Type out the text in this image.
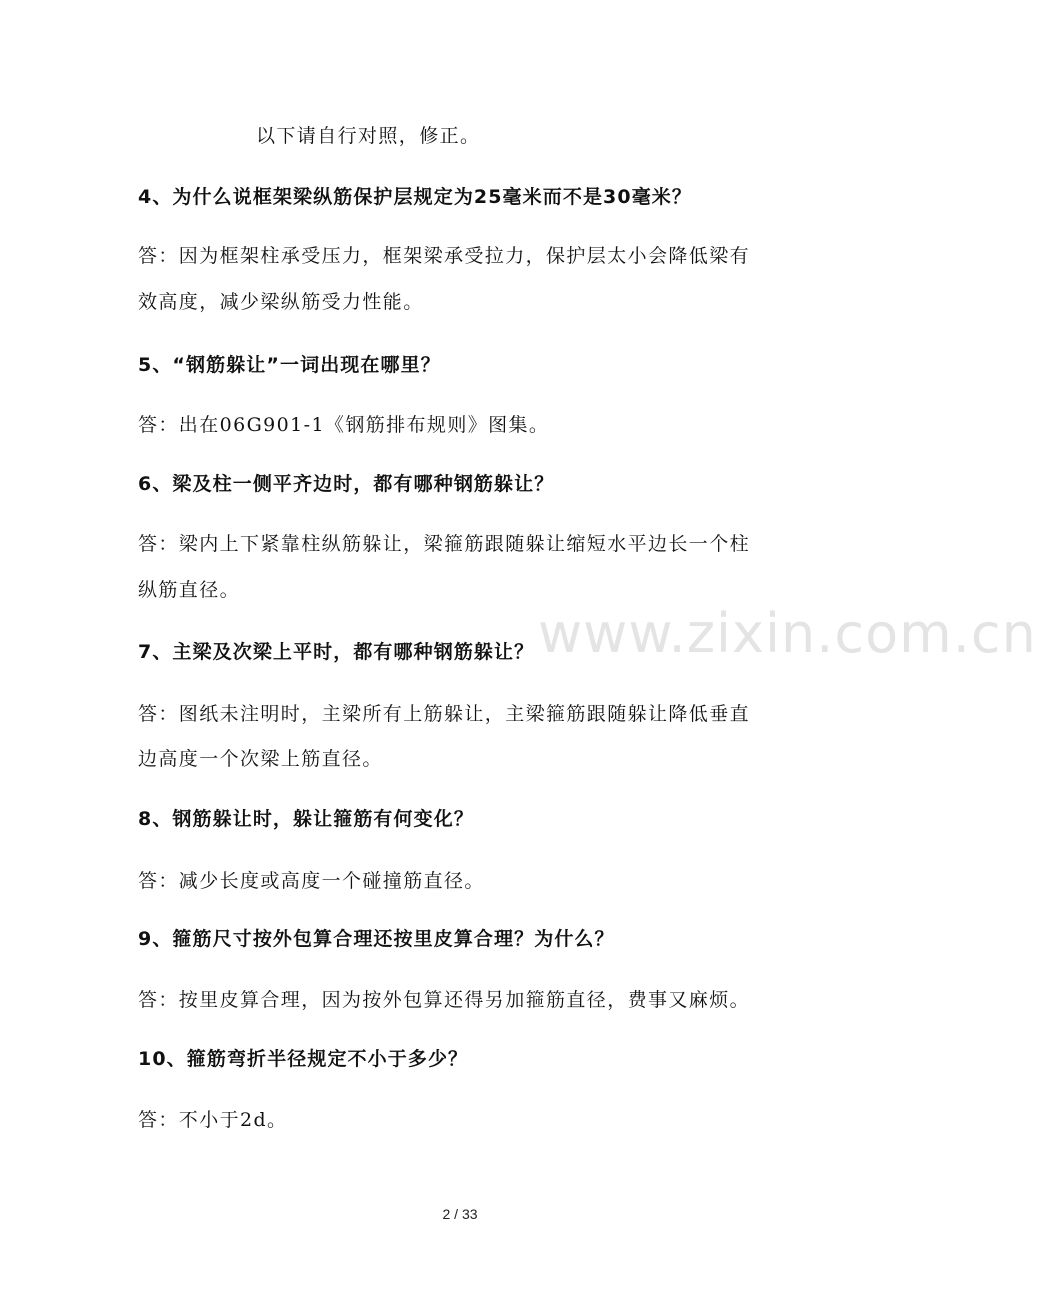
以下请自行对照，修正。
4、为什么说框架梁纵筋保护层规定为25毫米而不是30毫米？
答：因为框架柱承受压力，框架梁承受拉力，保护层太小会降低梁有
效高度，减少梁纵筋受力性能。
5、“钢筋躲让”一词出现在哪里？
答：出在06G901-1《钢筋排布规则》图集。
6、梁及柱一侧平齐边时，都有哪种钢筋躲让？
答：梁内上下紧靠柱纵筋躲让，梁箍筋跟随躲让缩短水平边长一个柱
纵筋直径。
7、主梁及次梁上平时，都有哪种钢筋躲让？
答：图纸未注明时，主梁所有上筋躲让，主梁箍筋跟随躲让降低垂直
边高度一个次梁上筋直径。
8、钢筋躲让时，躲让箍筋有何变化？
答：减少长度或高度一个碰撞筋直径。
9、箍筋尺寸按外包算合理还按里皮算合理？为什么？
答：按里皮算合理，因为按外包算还得另加箍筋直径，费事又麻烦。
10、箍筋弯折半径规定不小于多少？
答：不小于2d。
www.zixin.com.cn
2 / 33
